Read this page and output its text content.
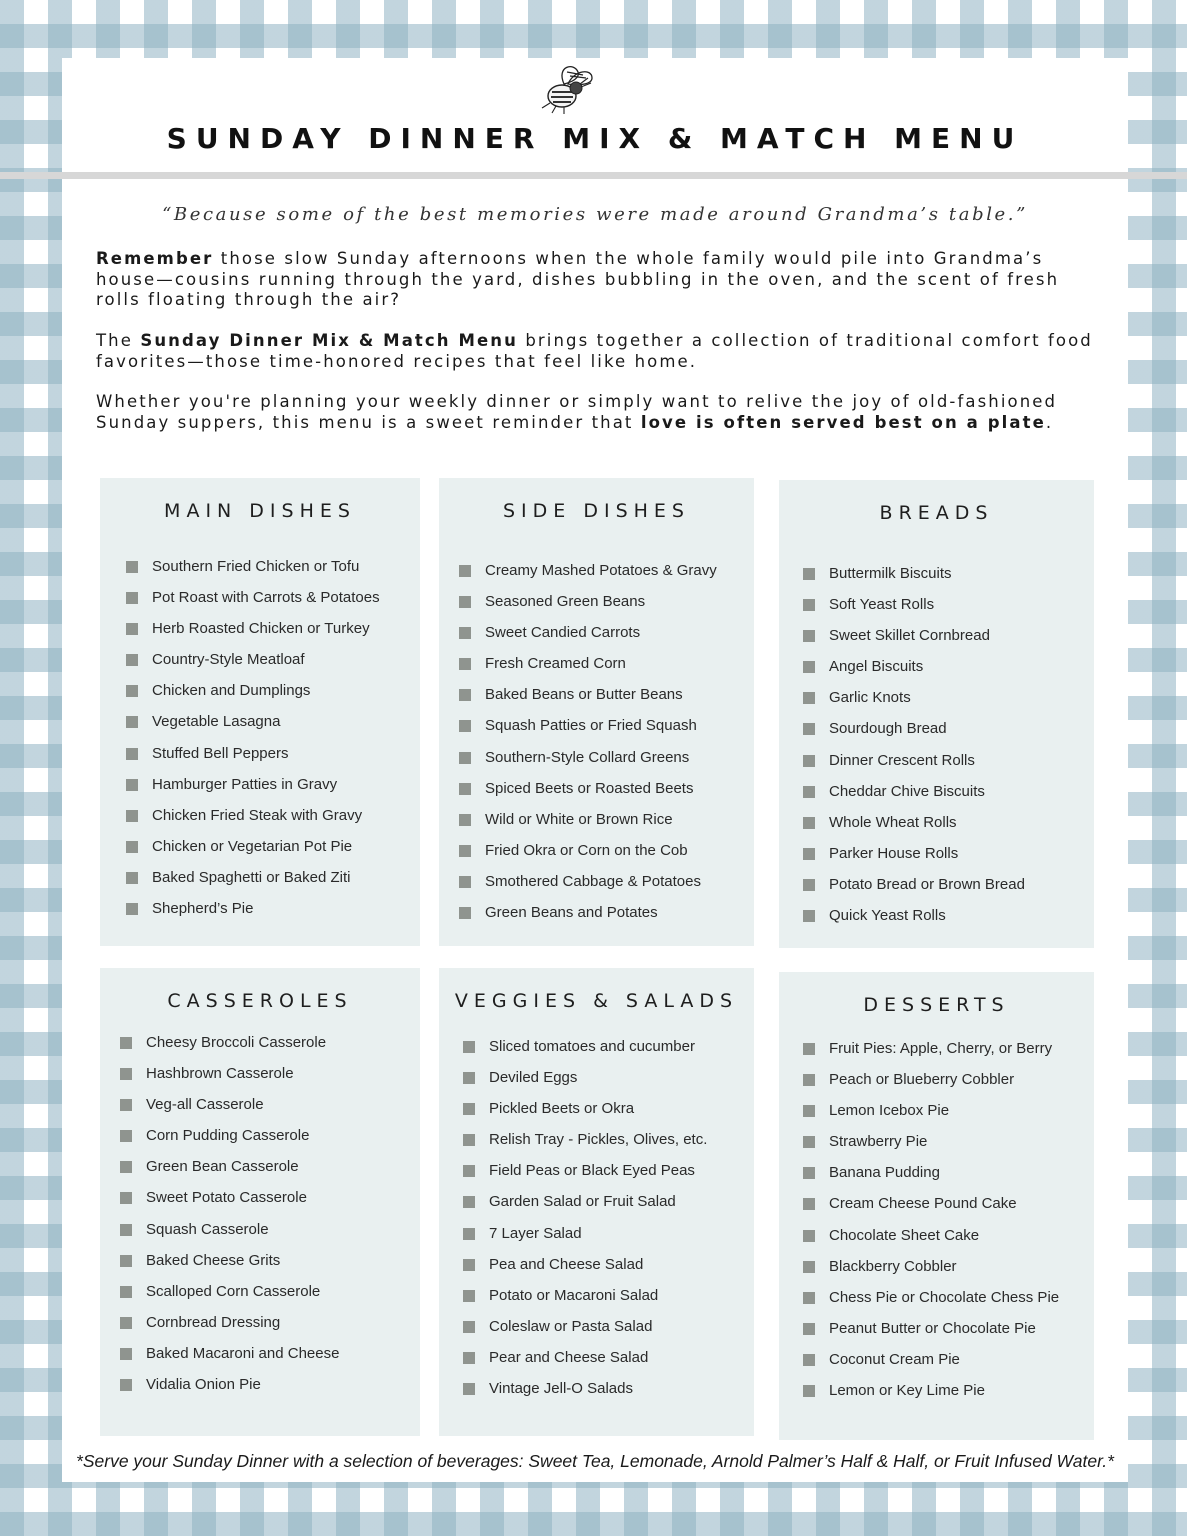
SUNDAY DINNER MIX & MATCH MENU

“Because some of the best memories were made around Grandma’s table.”

Remember those slow Sunday afternoons when the whole family would pile into Grandma’s house—cousins running through the yard, dishes bubbling in the oven, and the scent of fresh rolls floating through the air?

The Sunday Dinner Mix & Match Menu brings together a collection of traditional comfort food favorites—those time-honored recipes that feel like home.

Whether you're planning your weekly dinner or simply want to relive the joy of old-fashioned Sunday suppers, this menu is a sweet reminder that love is often served best on a plate.

MAIN DISHES
Southern Fried Chicken or Tofu
Pot Roast with Carrots & Potatoes
Herb Roasted Chicken or Turkey
Country-Style Meatloaf
Chicken and Dumplings
Vegetable Lasagna
Stuffed Bell Peppers
Hamburger Patties in Gravy
Chicken Fried Steak with Gravy
Chicken or Vegetarian Pot Pie
Baked Spaghetti or Baked Ziti
Shepherd’s Pie
SIDE DISHES
Creamy Mashed Potatoes & Gravy
Seasoned Green Beans
Sweet Candied Carrots
Fresh Creamed Corn
Baked Beans or Butter Beans
Squash Patties or Fried Squash
Southern-Style Collard Greens
Spiced Beets or Roasted Beets
Wild or White or Brown Rice
Fried Okra or Corn on the Cob
Smothered Cabbage & Potatoes
Green Beans and Potates
BREADS
Buttermilk Biscuits
Soft Yeast Rolls
Sweet Skillet Cornbread
Angel Biscuits
Garlic Knots
Sourdough Bread
Dinner Crescent Rolls
Cheddar Chive Biscuits
Whole Wheat Rolls
Parker House Rolls
Potato Bread or Brown Bread
Quick Yeast Rolls
CASSEROLES
Cheesy Broccoli Casserole
Hashbrown Casserole
Veg-all Casserole
Corn Pudding Casserole
Green Bean Casserole
Sweet Potato Casserole
Squash Casserole
Baked Cheese Grits
Scalloped Corn Casserole
Cornbread Dressing
Baked Macaroni and Cheese
Vidalia Onion Pie
VEGGIES & SALADS
Sliced tomatoes and cucumber
Deviled Eggs
Pickled Beets or Okra
Relish Tray - Pickles, Olives, etc.
Field Peas or Black Eyed Peas
Garden Salad or Fruit Salad
7 Layer Salad
Pea and Cheese Salad
Potato or Macaroni Salad
Coleslaw or Pasta Salad
Pear and Cheese Salad
Vintage Jell-O Salads
DESSERTS
Fruit Pies: Apple, Cherry, or Berry
Peach or Blueberry Cobbler
Lemon Icebox Pie
Strawberry Pie
Banana Pudding
Cream Cheese Pound Cake
Chocolate Sheet Cake
Blackberry Cobbler
Chess Pie or Chocolate Chess Pie
Peanut Butter or Chocolate Pie
Coconut Cream Pie
Lemon or Key Lime Pie

*Serve your Sunday Dinner with a selection of beverages: Sweet Tea, Lemonade, Arnold Palmer’s Half & Half, or Fruit Infused Water.*
